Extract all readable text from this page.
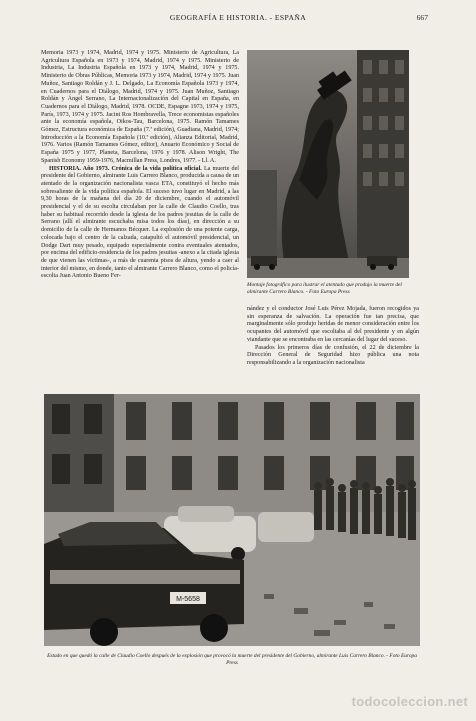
GEOGRAFÍA E HISTORIA. - ESPAÑA	667

Memoria 1973 y 1974, Madrid, 1974 y 1975. Ministerio de Agricultura, La Agricultura Española en 1973 y 1974, Madrid, 1974 y 1975. Ministerio de Industria, La Industria Española en 1973 y 1974, Madrid, 1974 y 1975. Ministerio de Obras Públicas, Memoria 1973 y 1974, Madrid, 1974 y 1975. Juan Muñoz, Santiago Roldán y J. L. Delgado, La Economía Española 1973 y 1974, en Cuadernos para el Diálogo, Madrid, 1974 y 1975. Juan Muñoz, Santiago Roldán y Ángel Serrano, La Internacionalización del Capital en España, en Cuadernos para el Diálogo, Madrid, 1978. OCDE, Espagne 1973, 1974 y 1975, París, 1973, 1974 y 1975. Jacint Ros Hombravella, Trece economistas españoles ante la economía española, Oikos-Tau, Barcelona, 1975. Ramón Tamames Gómez, Estructura económica de España (7.ª edición), Guadiana, Madrid, 1974; Introducción a la Economía Española (10.ª edición), Alianza Editorial, Madrid, 1976. Varios (Ramón Tamames Gómez, editor), Anuario Económico y Social de España 1975 y 1977, Planeta, Barcelona, 1976 y 1978. Alison Wright, The Spanish Economy 1959-1976, Macmillan Press, Londres, 1977. - Ll. A.

HISTORIA. Año 1973. Crónica de la vida política oficial. La muerte del presidente del Gobierno, almirante Luis Carrero Blanco, producida a causa de un atentado de la organización nacionalista vasca ETA, constituyó el hecho más sobresaliente de la vida política española. El suceso tuvo lugar en Madrid, a las 9,30 horas de la mañana del día 20 de diciembre, cuando el automóvil presidencial y el de su escolta circulaban por la calle de Claudio Coello, tras haber su habitual recorrido desde la iglesia de los padres jesuitas de la calle de Serrano (allí el almirante escuchaba misa todos los días), en dirección a su domicilio de la calle de Hermanos Bécquer. La explosión de una potente carga, colocada bajo el centro de la calzada, catapultó el automóvil presidencial, un Dodge Dart muy pesado, equipado especialmente contra eventuales atentados, por encima del edificio-residencia de los padres jesuitas -anexo a la citada iglesia de que vienen las víctimas-, a más de cuarenta pisos de altura, yendo a caer al interior del mismo, en donde, tanto el almirante Carrero Blanco, como el policía-escolta Juan Antonio Bueno Fer-

Montaje fotográfico para ilustrar el atentado que produjo la muerte del almirante Carrero Blanco. - Foto Europa Press

nández y el conductor José Luis Pérez Mojada, fueron recogidos ya sin esperanza de salvación. La operación fue tan precisa, que marginalmente sólo produjo heridas de menor consideración entre los ocupantes del automóvil que escoltaba al del presidente y en algún viandante que se encontraba en las cercanías del lugar del suceso.

Pasados los primeros días de confusión, el 22 de diciembre la Dirección General de Seguridad hizo pública una nota responsabilizando a la organización nacionalista

M-5658
Estado en que quedó la calle de Claudio Coello después de la explosión que provocó la muerte del presidente del Gobierno, almirante Luis Carrero Blanco. - Foto Europa Press
todocoleccion.net
